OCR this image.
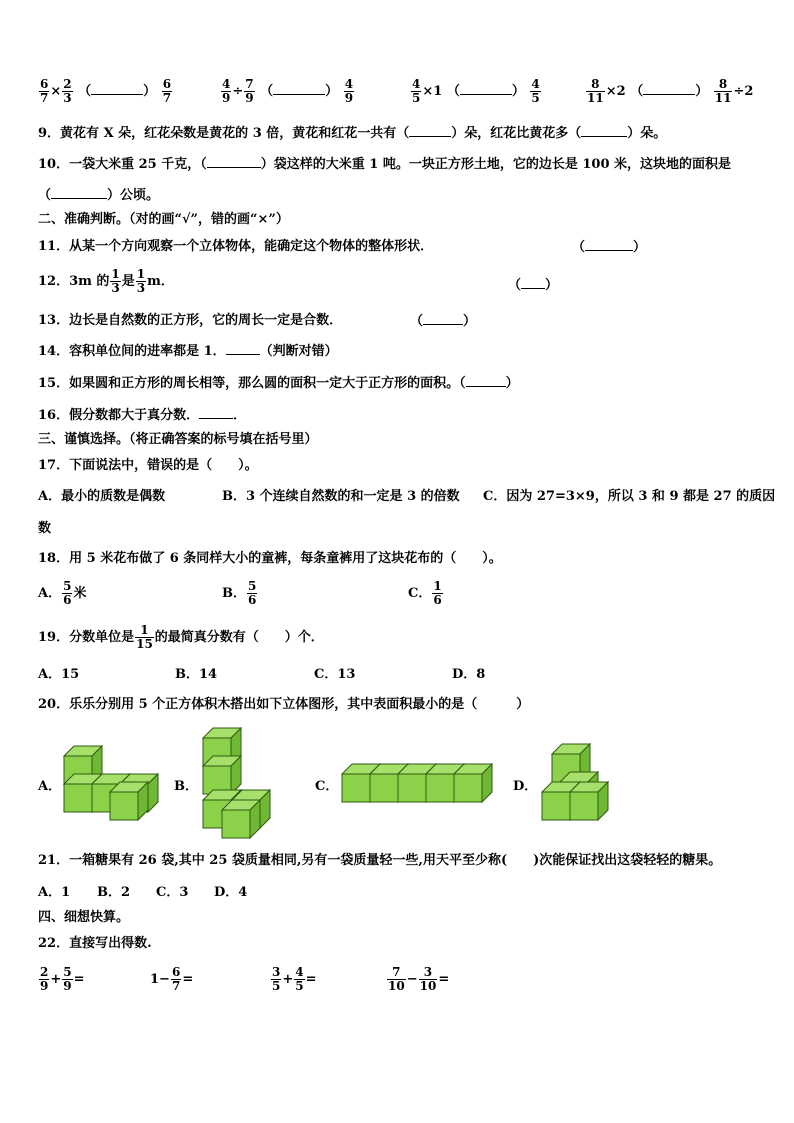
$\frac{6}{7} \times \frac{2}{3}$ （	） $\frac{6}{7}$	$\frac{4}{9} \div \frac{7}{9}$ （	） $\frac{4}{9}$	$\frac{4}{5} \times 1$ （	） $\frac{4}{5}$	$\frac{8}{11} \times 2$ （	） $\frac{8}{11} \div 2$
9．黄花有 X 朵，红花朵数是黄花的 3 倍，黄花和红花一共有（	）朵，红花比黄花多（	）朵。
10．一袋大米重 25 千克，（	）袋这样的大米重 1 吨。一块正方形土地，它的边长是 100 米，这块地的面积是
（	）公顷。
二、准确判断。（对的画“√”，错的画“×”）
11．从某一个方向观察一个立体物体，能确定这个物体的整体形状．	（	）
12．3m 的 $\frac{1}{3}$ 是 $\frac{1}{3}$ m．	（ ）
13．边长是自然数的正方形，它的周长一定是合数．	（	）
14．容积单位间的进率都是 1．	（判断对错）
15．如果圆和正方形的周长相等，那么圆的面积一定大于正方形的面积。（	）
16．假分数都大于真分数．	．
三、谨慎选择。（将正确答案的标号填在括号里）
17．下面说法中，错误的是（　　）。
A．最小的质数是偶数	B．3 个连续自然数的和一定是 3 的倍数 C．因为 27=3×9，所以 3 和 9 都是 27 的质因
数
18．用 5 米花布做了 6 条同样大小的童裤，每条童裤用了这块花布的（　　）。
A． $\frac{5}{6}$ 米	B． $\frac{5}{6}$	C． $\frac{1}{6}$
19．分数单位是 $\frac{1}{15}$ 的最简真分数有（　　）个．
A．15	B．14	C．13	D．8
20．乐乐分别用 5 个正方体积木搭出如下立体图形，其中表面积最小的是（　　　）
A．	B．	C．	D．
21．一箱糖果有 26 袋,其中 25 袋质量相同,另有一袋质量轻一些,用天平至少称(　　)次能保证找出这袋轻轻的糖果。
A．1 B．2 C．3 D．4
四、细想快算。
22．直接写出得数.
$\frac{2}{9} + \frac{5}{9}$ =	$1- \frac{6}{7}$ =	$\frac{3}{5} + \frac{4}{5}$ =	$\frac{7}{10} - \frac{3}{10}$ =
